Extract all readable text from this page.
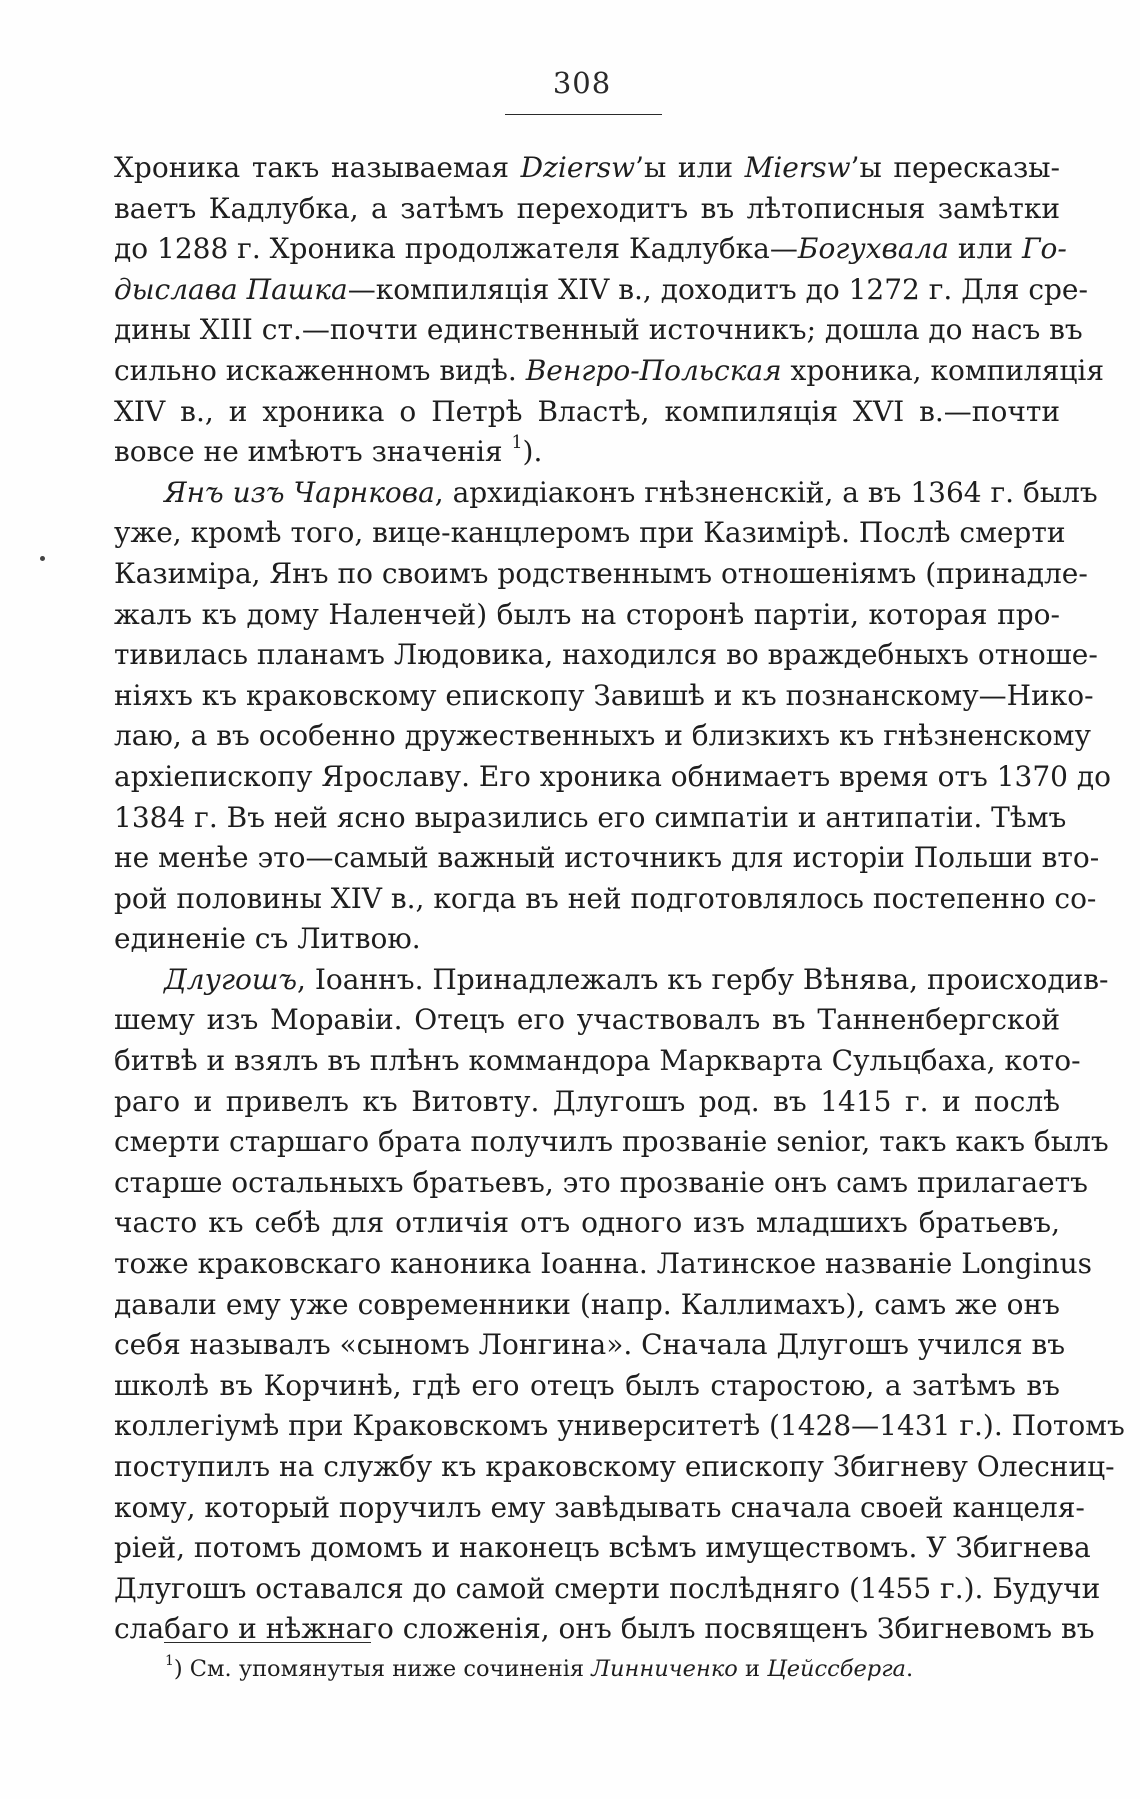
308
Хроника такъ называемая Dziersw’ы или Miersw’ы пересказы-
ваетъ Кадлубка, а затѣмъ переходитъ въ лѣтописныя замѣтки
до 1288 г. Хроника продолжателя Кадлубка—Богухвала или Го-
дыслава Пашка—компиляція XIV в., доходитъ до 1272 г. Для сре-
дины XIII ст.—почти единственный источникъ; дошла до насъ въ
сильно искаженномъ видѣ. Венгро-Польская хроника, компиляція
XIV в., и хроника о Петрѣ Властѣ, компиляція XVI в.—почти
вовсе не имѣютъ значенія $^1$).
Янъ изъ Чарнкова, архидіаконъ гнѣзненскій, а въ 1364 г. былъ
уже, кромѣ того, вице-канцлеромъ при Казимірѣ. Послѣ смерти
Казиміра, Янъ по своимъ родственнымъ отношеніямъ (принадле-
жалъ къ дому Наленчей) былъ на сторонѣ партіи, которая про-
тивилась планамъ Людовика, находился во враждебныхъ отноше-
ніяхъ къ краковскому епископу Завишѣ и къ познанскому—Нико-
лаю, а въ особенно дружественныхъ и близкихъ къ гнѣзненскому
архіепископу Ярославу. Его хроника обнимаетъ время отъ 1370 до
1384 г. Въ ней ясно выразились его симпатіи и антипатіи. Тѣмъ
не менѣе это—самый важный источникъ для исторіи Польши вто-
рой половины XIV в., когда въ ней подготовлялось постепенно со-
единеніе съ Литвою.
Длугошъ, Іоаннъ. Принадлежалъ къ гербу Вѣнява, происходив-
шему изъ Моравіи. Отецъ его участвовалъ въ Танненбергской
битвѣ и взялъ въ плѣнъ коммандора Маркварта Сульцбаха, кото-
раго и привелъ къ Витовту. Длугошъ род. въ 1415 г. и послѣ
смерти старшаго брата получилъ прозваніе senior, такъ какъ былъ
старше остальныхъ братьевъ, это прозваніе онъ самъ прилагаетъ
часто къ себѣ для отличія отъ одного изъ младшихъ братьевъ,
тоже краковскаго каноника Іоанна. Латинское названіе Longinus
давали ему уже современники (напр. Каллимахъ), самъ же онъ
себя называлъ «сыномъ Лонгина». Сначала Длугошъ учился въ
школѣ въ Корчинѣ, гдѣ его отецъ былъ старостою, а затѣмъ въ
коллегіумѣ при Краковскомъ университетѣ (1428—1431 г.). Потомъ
поступилъ на службу къ краковскому епископу Збигневу Олесниц-
кому, который поручилъ ему завѣдывать сначала своей канцеля-
ріей, потомъ домомъ и наконецъ всѣмъ имуществомъ. У Збигнева
Длугошъ оставался до самой смерти послѣдняго (1455 г.). Будучи
слабаго и нѣжнаго сложенія, онъ былъ посвященъ Збигневомъ въ
$^1$) См. упомянутыя ниже сочиненія Линниченко и Цейссберга.
